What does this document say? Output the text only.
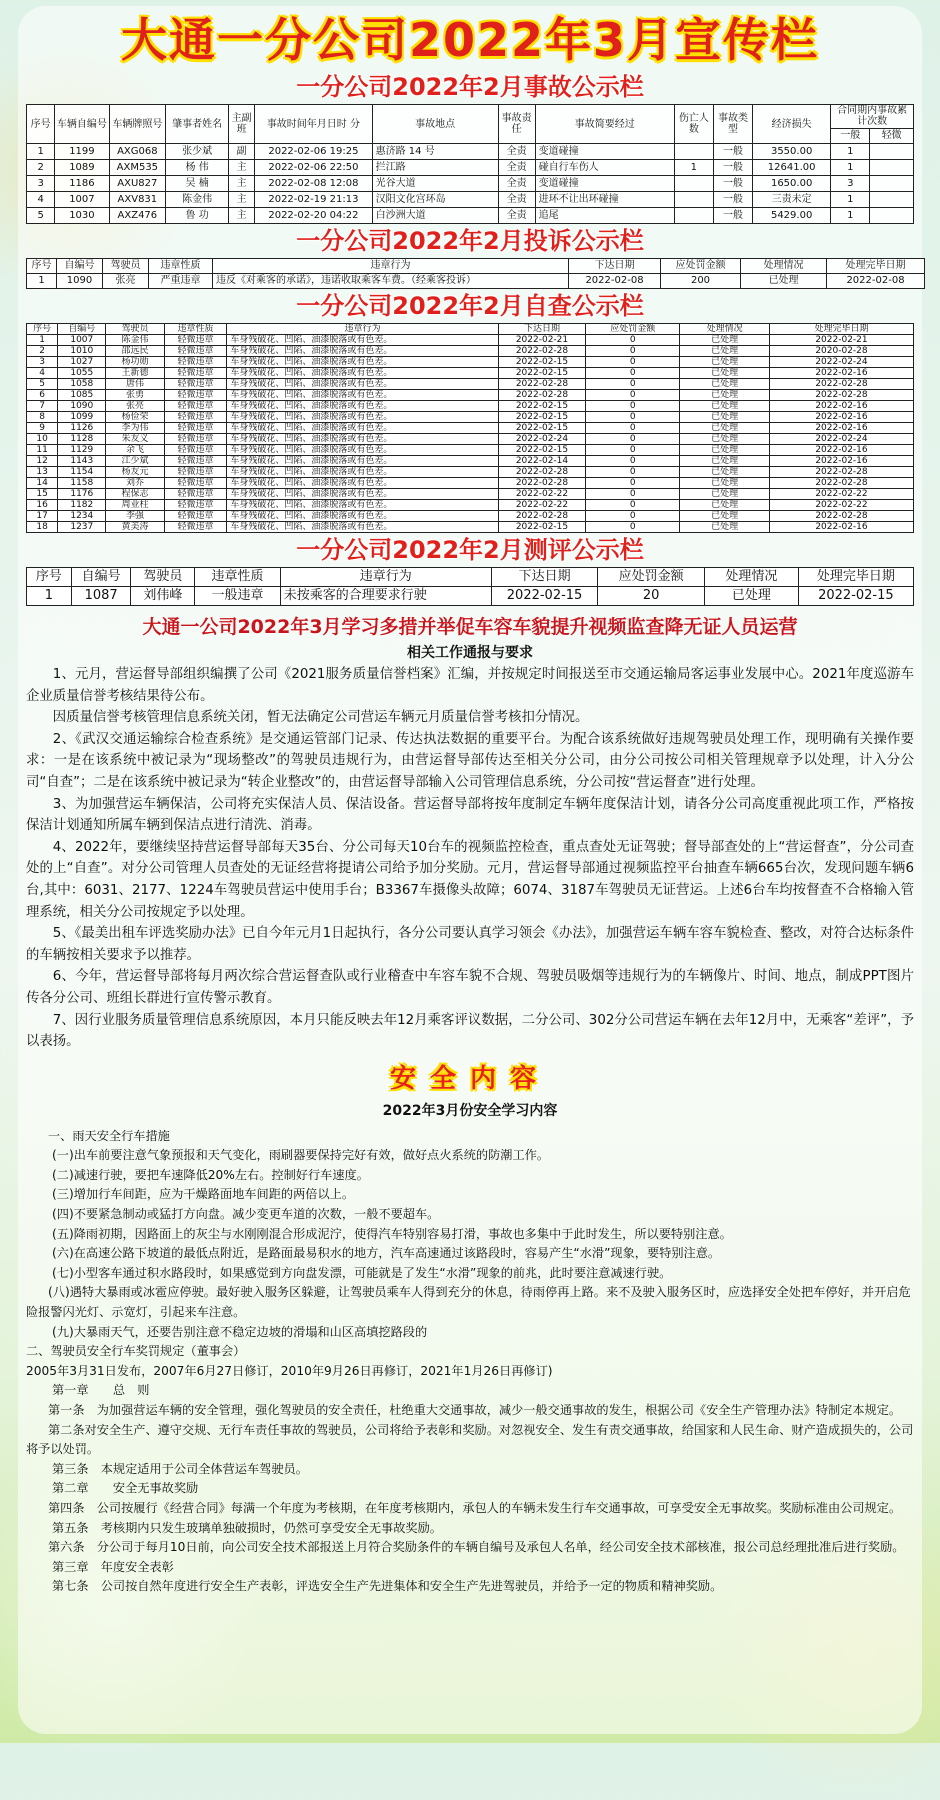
大通一分公司2022年3月宣传栏
一分公司2022年2月事故公示栏
序号	车辆自编号	车辆牌照号	肇事者姓名	主副班	事故时间年月日时 分	事故地点	事故责任	事故简要经过	伤亡人数	事故类型	经济损失	合同期内事故累计次数	
												一般	轻微
1	1199	AXG068	张少斌	副	2022-02-06 19:25	惠济路 14 号	全责	变道碰撞		一般	3550.00	1	
2	1089	AXM535	杨 伟	主	2022-02-06 22:50	拦江路	全责	碰自行车伤人	1	一般	12641.00	1	
3	1186	AXU827	吴 楠	主	2022-02-08 12:08	光谷大道	全责	变道碰撞		一般	1650.00	3	
4	1007	AXV831	陈金伟	主	2022-02-19 21:13	汉阳文化宫环岛	全责	进环不让出环碰撞		一般	三责未定	1	
5	1030	AXZ476	鲁 功	主	2022-02-20 04:22	白沙洲大道	全责	追尾		一般	5429.00	1	
一分公司2022年2月投诉公示栏
序号	自编号	驾驶员	违章性质	违章行为	下达日期	应处罚金额	处理情况	处理完毕日期
1	1090	张亮	严重违章	违反《对乘客的承诺》，违诺收取乘客车费。（经乘客投诉）	2022-02-08	200	已处理	2022-02-08
一分公司2022年2月自查公示栏
序号	自编号	驾驶员	违章性质	违章行为	下达日期	应处罚金额	处理情况	处理完毕日期
1	1007	陈金伟	轻微违章	车身残破花、凹陷、油漆脱落或有色差。	2022-02-21	0	已处理	2022-02-21
2	1010	邵远民	轻微违章	车身残破花、凹陷、油漆脱落或有色差。	2022-02-28	0	已处理	2020-02-28
3	1027	杨功勋	轻微违章	车身残破花、凹陷、油漆脱落或有色差。	2022-02-15	0	已处理	2022-02-24
4	1055	王新德	轻微违章	车身残破花、凹陷、油漆脱落或有色差。	2022-02-15	0	已处理	2022-02-16
5	1058	唐伟	轻微违章	车身残破花、凹陷、油漆脱落或有色差。	2022-02-28	0	已处理	2022-02-28
6	1085	张勇	轻微违章	车身残破花、凹陷、油漆脱落或有色差。	2022-02-28	0	已处理	2022-02-28
7	1090	张亮	轻微违章	车身残破花、凹陷、油漆脱落或有色差。	2022-02-15	0	已处理	2022-02-16
8	1099	杨俭荣	轻微违章	车身残破花、凹陷、油漆脱落或有色差。	2022-02-15	0	已处理	2022-02-16
9	1126	李为伟	轻微违章	车身残破花、凹陷、油漆脱落或有色差。	2022-02-15	0	已处理	2022-02-16
10	1128	朱友义	轻微违章	车身残破花、凹陷、油漆脱落或有色差。	2022-02-24	0	已处理	2022-02-24
11	1129	余飞	轻微违章	车身残破花、凹陷、油漆脱落或有色差。	2022-02-15	0	已处理	2022-02-16
12	1143	江少斌	轻微违章	车身残破花、凹陷、油漆脱落或有色差。	2022-02-14	0	已处理	2022-02-16
13	1154	杨友元	轻微违章	车身残破花、凹陷、油漆脱落或有色差。	2022-02-28	0	已处理	2022-02-28
14	1158	刘乔	轻微违章	车身残破花、凹陷、油漆脱落或有色差。	2022-02-28	0	已处理	2022-02-28
15	1176	程保志	轻微违章	车身残破花、凹陷、油漆脱落或有色差。	2022-02-22	0	已处理	2022-02-22
16	1182	周业柱	轻微违章	车身残破花、凹陷、油漆脱落或有色差。	2022-02-22	0	已处理	2022-02-22
17	1234	李强	轻微违章	车身残破花、凹陷、油漆脱落或有色差。	2022-02-28	0	已处理	2022-02-28
18	1237	黄美涛	轻微违章	车身残破花、凹陷、油漆脱落或有色差。	2022-02-15	0	已处理	2022-02-16
一分公司2022年2月测评公示栏
序号	自编号	驾驶员	违章性质	违章行为	下达日期	应处罚金额	处理情况	处理完毕日期
1	1087	刘伟峰	一般违章	未按乘客的合理要求行驶	2022-02-15	20	已处理	2022-02-15
大通一公司2022年3月学习多措并举促车容车貌提升视频监查降无证人员运营

相关工作通报与要求

1、元月，营运督导部组织编撰了公司《2021服务质量信誉档案》汇编，并按规定时间报送至市交通运输局客运事业发展中心。2021年度巡游车企业质量信誉考核结果待公布。

因质量信誉考核管理信息系统关闭，暂无法确定公司营运车辆元月质量信誉考核扣分情况。

2、《武汉交通运输综合检查系统》是交通运管部门记录、传达执法数据的重要平台。为配合该系统做好违规驾驶员处理工作，现明确有关操作要求：一是在该系统中被记录为“现场整改”的驾驶员违规行为，由营运督导部传达至相关分公司，由分公司按公司相关管理规章予以处理，计入分公司“自查”；二是在该系统中被记录为“转企业整改”的，由营运督导部输入公司管理信息系统，分公司按“营运督查”进行处理。

3、为加强营运车辆保洁，公司将充实保洁人员、保洁设备。营运督导部将按年度制定车辆年度保洁计划，请各分公司高度重视此项工作，严格按保洁计划通知所属车辆到保洁点进行清洗、消毒。

4、2022年，要继续坚持营运督导部每天35台、分公司每天10台车的视频监控检查，重点查处无证驾驶；督导部查处的上“营运督查”，分公司查处的上“自查”。对分公司管理人员查处的无证经营将提请公司给予加分奖励。元月，营运督导部通过视频监控平台抽查车辆665台次，发现问题车辆6台,其中：6031、2177、1224车驾驶员营运中使用手台；B3367车摄像头故障；6074、3187车驾驶员无证营运。上述6台车均按督查不合格输入管理系统，相关分公司按规定予以处理。

5、《最美出租车评选奖励办法》已自今年元月1日起执行，各分公司要认真学习领会《办法》，加强营运车辆车容车貌检查、整改，对符合达标条件的车辆按相关要求予以推荐。

6、今年，营运督导部将每月两次综合营运督查队或行业稽查中车容车貌不合规、驾驶员吸烟等违规行为的车辆像片、时间、地点，制成PPT图片传各分公司、班组长群进行宣传警示教育。

7、因行业服务质量管理信息系统原因，本月只能反映去年12月乘客评议数据，二分公司、302分公司营运车辆在去年12月中，无乘客“差评”，予以表扬。

安全内容

2022年3月份安全学习内容

一、雨天安全行车措施

(一)出车前要注意气象预报和天气变化，雨刷器要保持完好有效，做好点火系统的防潮工作。

(二)减速行驶，要把车速降低20%左右。控制好行车速度。

(三)增加行车间距，应为干燥路面地车间距的两倍以上。

(四)不要紧急制动或猛打方向盘。减少变更车道的次数，一般不要超车。

(五)降雨初期，因路面上的灰尘与水刚刚混合形成泥泞，使得汽车特别容易打滑，事故也多集中于此时发生，所以要特别注意。

(六)在高速公路下坡道的最低点附近，是路面最易积水的地方，汽车高速通过该路段时，容易产生“水滑”现象，要特别注意。

(七)小型客车通过积水路段时，如果感觉到方向盘发漂，可能就是了发生“水滑”现象的前兆，此时要注意减速行驶。

(八)遇特大暴雨或冰雹应停驶。最好驶入服务区躲避，让驾驶员乘车人得到充分的休息，待雨停再上路。来不及驶入服务区时，应选择安全处把车停好，并开启危险报警闪光灯、示宽灯，引起来车注意。

(九)大暴雨天气，还要告别注意不稳定边坡的滑塌和山区高填挖路段的

二、驾驶员安全行车奖罚规定（董事会）

2005年3月31日发布，2007年6月27日修订，2010年9月26日再修订，2021年1月26日再修订)

第一章　　总　则

第一条　为加强营运车辆的安全管理，强化驾驶员的安全责任，杜绝重大交通事故，减少一般交通事故的发生，根据公司《安全生产管理办法》特制定本规定。

第二条对安全生产、遵守交规、无行车责任事故的驾驶员，公司将给予表彰和奖励。对忽视安全、发生有责交通事故，给国家和人民生命、财产造成损失的，公司将予以处罚。

第三条　本规定适用于公司全体营运车驾驶员。

第二章　　安全无事故奖励

第四条　公司按履行《经营合同》每满一个年度为考核期，在年度考核期内，承包人的车辆未发生行车交通事故，可享受安全无事故奖。奖励标准由公司规定。

第五条　考核期内只发生玻璃单独破损时，仍然可享受安全无事故奖励。

第六条　分公司于每月10日前，向公司安全技术部报送上月符合奖励条件的车辆自编号及承包人名单，经公司安全技术部核准，报公司总经理批准后进行奖励。

第三章　年度安全表彰

第七条　公司按自然年度进行安全生产表彰，评选安全生产先进集体和安全生产先进驾驶员，并给予一定的物质和精神奖励。
